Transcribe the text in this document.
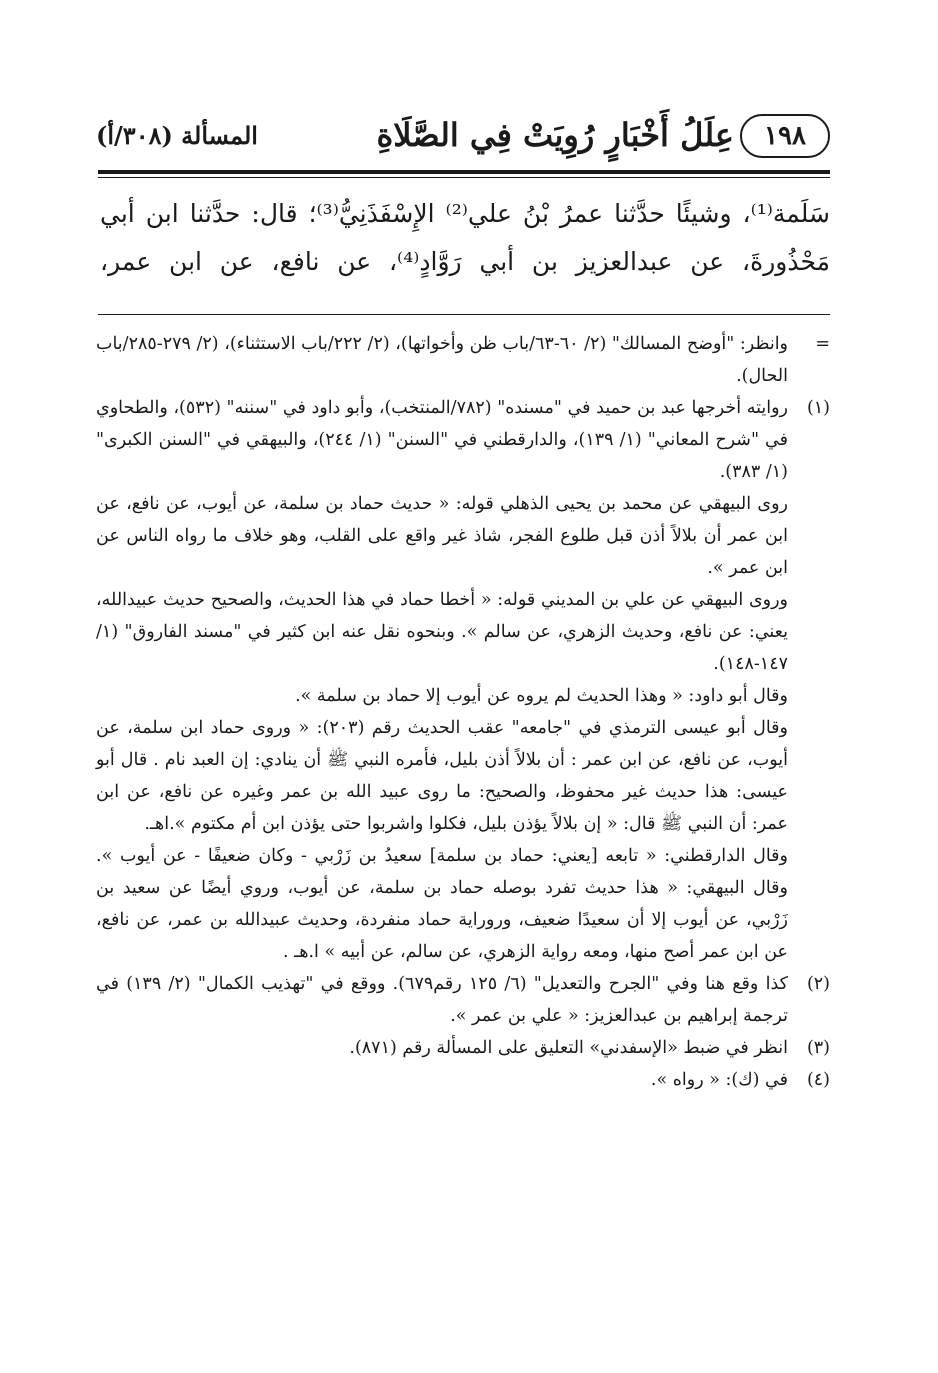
١٩٨
عِلَلُ أَخْبَارٍ رُوِيَتْ فِي الصَّلَاةِ
المسألة (٣٠٨/أ)

سَلَمة⁽¹⁾، وشيئًا حدَّثنا عمرُ بْنُ علي⁽²⁾ الإِسْفَذَنِيُّ⁽³⁾؛ قال: حدَّثنا ابن أبي

مَحْذُورةَ، عن عبدالعزيز بن أبي رَوَّادٍ⁽⁴⁾، عن نافع، عن ابن عمر،

=

وانظر: "أوضح المسالك" (٢/ ٦٠-٦٣/باب ظن وأخواتها)، (٢/ ٢٢٢/باب الاستثناء)، (٢/ ٢٧٩-٢٨٥/باب الحال).

(١)

روايته أخرجها عبد بن حميد في "مسنده" (٧٨٢/المنتخب)، وأبو داود في "سننه" (٥٣٢)، والطحاوي في "شرح المعاني" (١/ ١٣٩)، والدارقطني في "السنن" (١/ ٢٤٤)، والبيهقي في "السنن الكبرى" (١/ ٣٨٣).

روى البيهقي عن محمد بن يحيى الذهلي قوله: « حديث حماد بن سلمة، عن أيوب، عن نافع، عن ابن عمر أن بلالاً أذن قبل طلوع الفجر، شاذ غير واقع على القلب، وهو خلاف ما رواه الناس عن ابن عمر ».

وروى البيهقي عن علي بن المديني قوله: « أخطا حماد في هذا الحديث، والصحيح حديث عبيدالله، يعني: عن نافع، وحديث الزهري، عن سالم ». وبنحوه نقل عنه ابن كثير في "مسند الفاروق" (١/ ١٤٧-١٤٨).

وقال أبو داود: « وهذا الحديث لم يروه عن أيوب إلا حماد بن سلمة ».

وقال أبو عيسى الترمذي في "جامعه" عقب الحديث رقم (٢٠٣): « وروى حماد ابن سلمة، عن أيوب، عن نافع، عن ابن عمر : أن بلالاً أذن بليل، فأمره النبي ﷺ أن ينادي: إن العبد نام . قال أبو عيسى: هذا حديث غير محفوظ، والصحيح: ما روى عبيد الله بن عمر وغيره عن نافع، عن ابن عمر: أن النبي ﷺ قال: « إن بلالاً يؤذن بليل، فكلوا واشربوا حتى يؤذن ابن أم مكتوم ».اهـ.

وقال الدارقطني: « تابعه [يعني: حماد بن سلمة] سعيدُ بن زَرْبي - وكان ضعيفًا - عن أيوب ». وقال البيهقي: « هذا حديث تفرد بوصله حماد بن سلمة، عن أيوب، وروي أيضًا عن سعيد بن زَرْبي، عن أيوب إلا أن سعيدًا ضعيف، وروراية حماد منفردة، وحديث عبيدالله بن عمر، عن نافع، عن ابن عمر أصح منها، ومعه رواية الزهري، عن سالم، عن أبيه » ا.هـ .

(٢)

كذا وقع هنا وفي "الجرح والتعديل" (٦/ ١٢٥ رقم٦٧٩). ووقع في "تهذيب الكمال" (٢/ ١٣٩) في ترجمة إبراهيم بن عبدالعزيز: « علي بن عمر ».

(٣)

انظر في ضبط «الإسفدني» التعليق على المسألة رقم (٨٧١).

(٤)

في (ك): « رواه ».
